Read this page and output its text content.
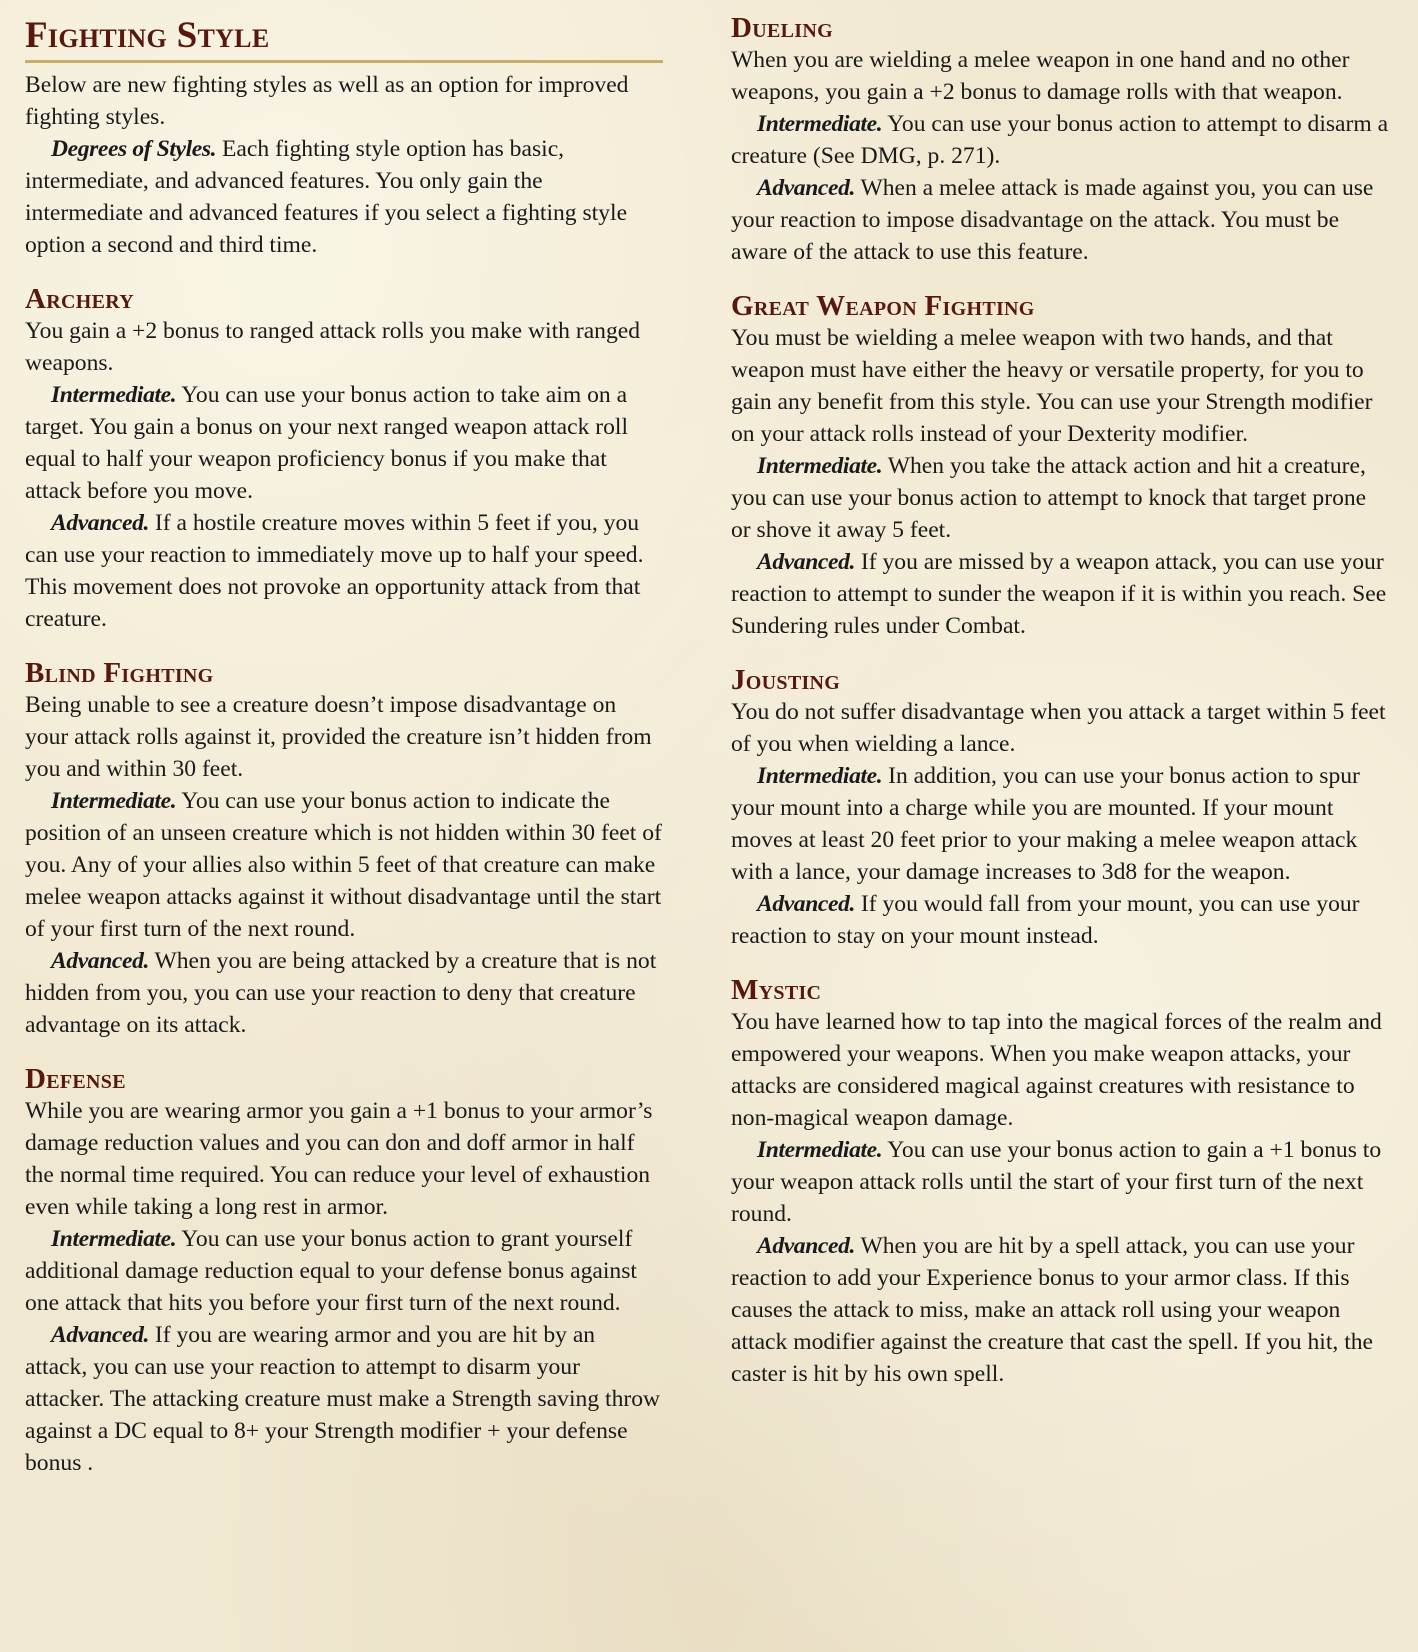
Fighting Style

Below are new fighting styles as well as an option for improved fighting styles.

Degrees of Styles. Each fighting style option has basic, intermediate, and advanced features. You only gain the intermediate and advanced features if you select a fighting style option a second and third time.

Archery

You gain a +2 bonus to ranged attack rolls you make with ranged weapons.

Intermediate. You can use your bonus action to take aim on a target. You gain a bonus on your next ranged weapon attack roll equal to half your weapon proficiency bonus if you make that attack before you move.

Advanced. If a hostile creature moves within 5 feet if you, you can use your reaction to immediately move up to half your speed. This movement does not provoke an opportunity attack from that creature.

Blind Fighting

Being unable to see a creature doesn’t impose disadvantage on your attack rolls against it, provided the creature isn’t hidden from you and within 30 feet.

Intermediate. You can use your bonus action to indicate the position of an unseen creature which is not hidden within 30 feet of you. Any of your allies also within 5 feet of that creature can make melee weapon attacks against it without disadvantage until the start of your first turn of the next round.

Advanced. When you are being attacked by a creature that is not hidden from you, you can use your reaction to deny that creature advantage on its attack.

Defense

While you are wearing armor you gain a +1 bonus to your armor’s damage reduction values and you can don and doff armor in half the normal time required. You can reduce your level of exhaustion even while taking a long rest in armor.

Intermediate. You can use your bonus action to grant yourself additional damage reduction equal to your defense bonus against one attack that hits you before your first turn of the next round.

Advanced. If you are wearing armor and you are hit by an attack, you can use your reaction to attempt to disarm your attacker. The attacking creature must make a Strength saving throw against a DC equal to 8+ your Strength modifier + your defense bonus .

Dueling

When you are wielding a melee weapon in one hand and no other weapons, you gain a +2 bonus to damage rolls with that weapon.

Intermediate. You can use your bonus action to attempt to disarm a creature (See DMG, p. 271).

Advanced. When a melee attack is made against you, you can use your reaction to impose disadvantage on the attack. You must be aware of the attack to use this feature.

Great Weapon Fighting

You must be wielding a melee weapon with two hands, and that weapon must have either the heavy or versatile property, for you to gain any benefit from this style. You can use your Strength modifier on your attack rolls instead of your Dexterity modifier.

Intermediate. When you take the attack action and hit a creature, you can use your bonus action to attempt to knock that target prone or shove it away 5 feet.

Advanced. If you are missed by a weapon attack, you can use your reaction to attempt to sunder the weapon if it is within you reach. See Sundering rules under Combat.

Jousting

You do not suffer disadvantage when you attack a target within 5 feet of you when wielding a lance.

Intermediate. In addition, you can use your bonus action to spur your mount into a charge while you are mounted. If your mount moves at least 20 feet prior to your making a melee weapon attack with a lance, your damage increases to 3d8 for the weapon.

Advanced. If you would fall from your mount, you can use your reaction to stay on your mount instead.

Mystic

You have learned how to tap into the magical forces of the realm and empowered your weapons. When you make weapon attacks, your attacks are considered magical against creatures with resistance to non-magical weapon damage.

Intermediate. You can use your bonus action to gain a +1 bonus to your weapon attack rolls until the start of your first turn of the next round.

Advanced. When you are hit by a spell attack, you can use your reaction to add your Experience bonus to your armor class. If this causes the attack to miss, make an attack roll using your weapon attack modifier against the creature that cast the spell. If you hit, the caster is hit by his own spell.
